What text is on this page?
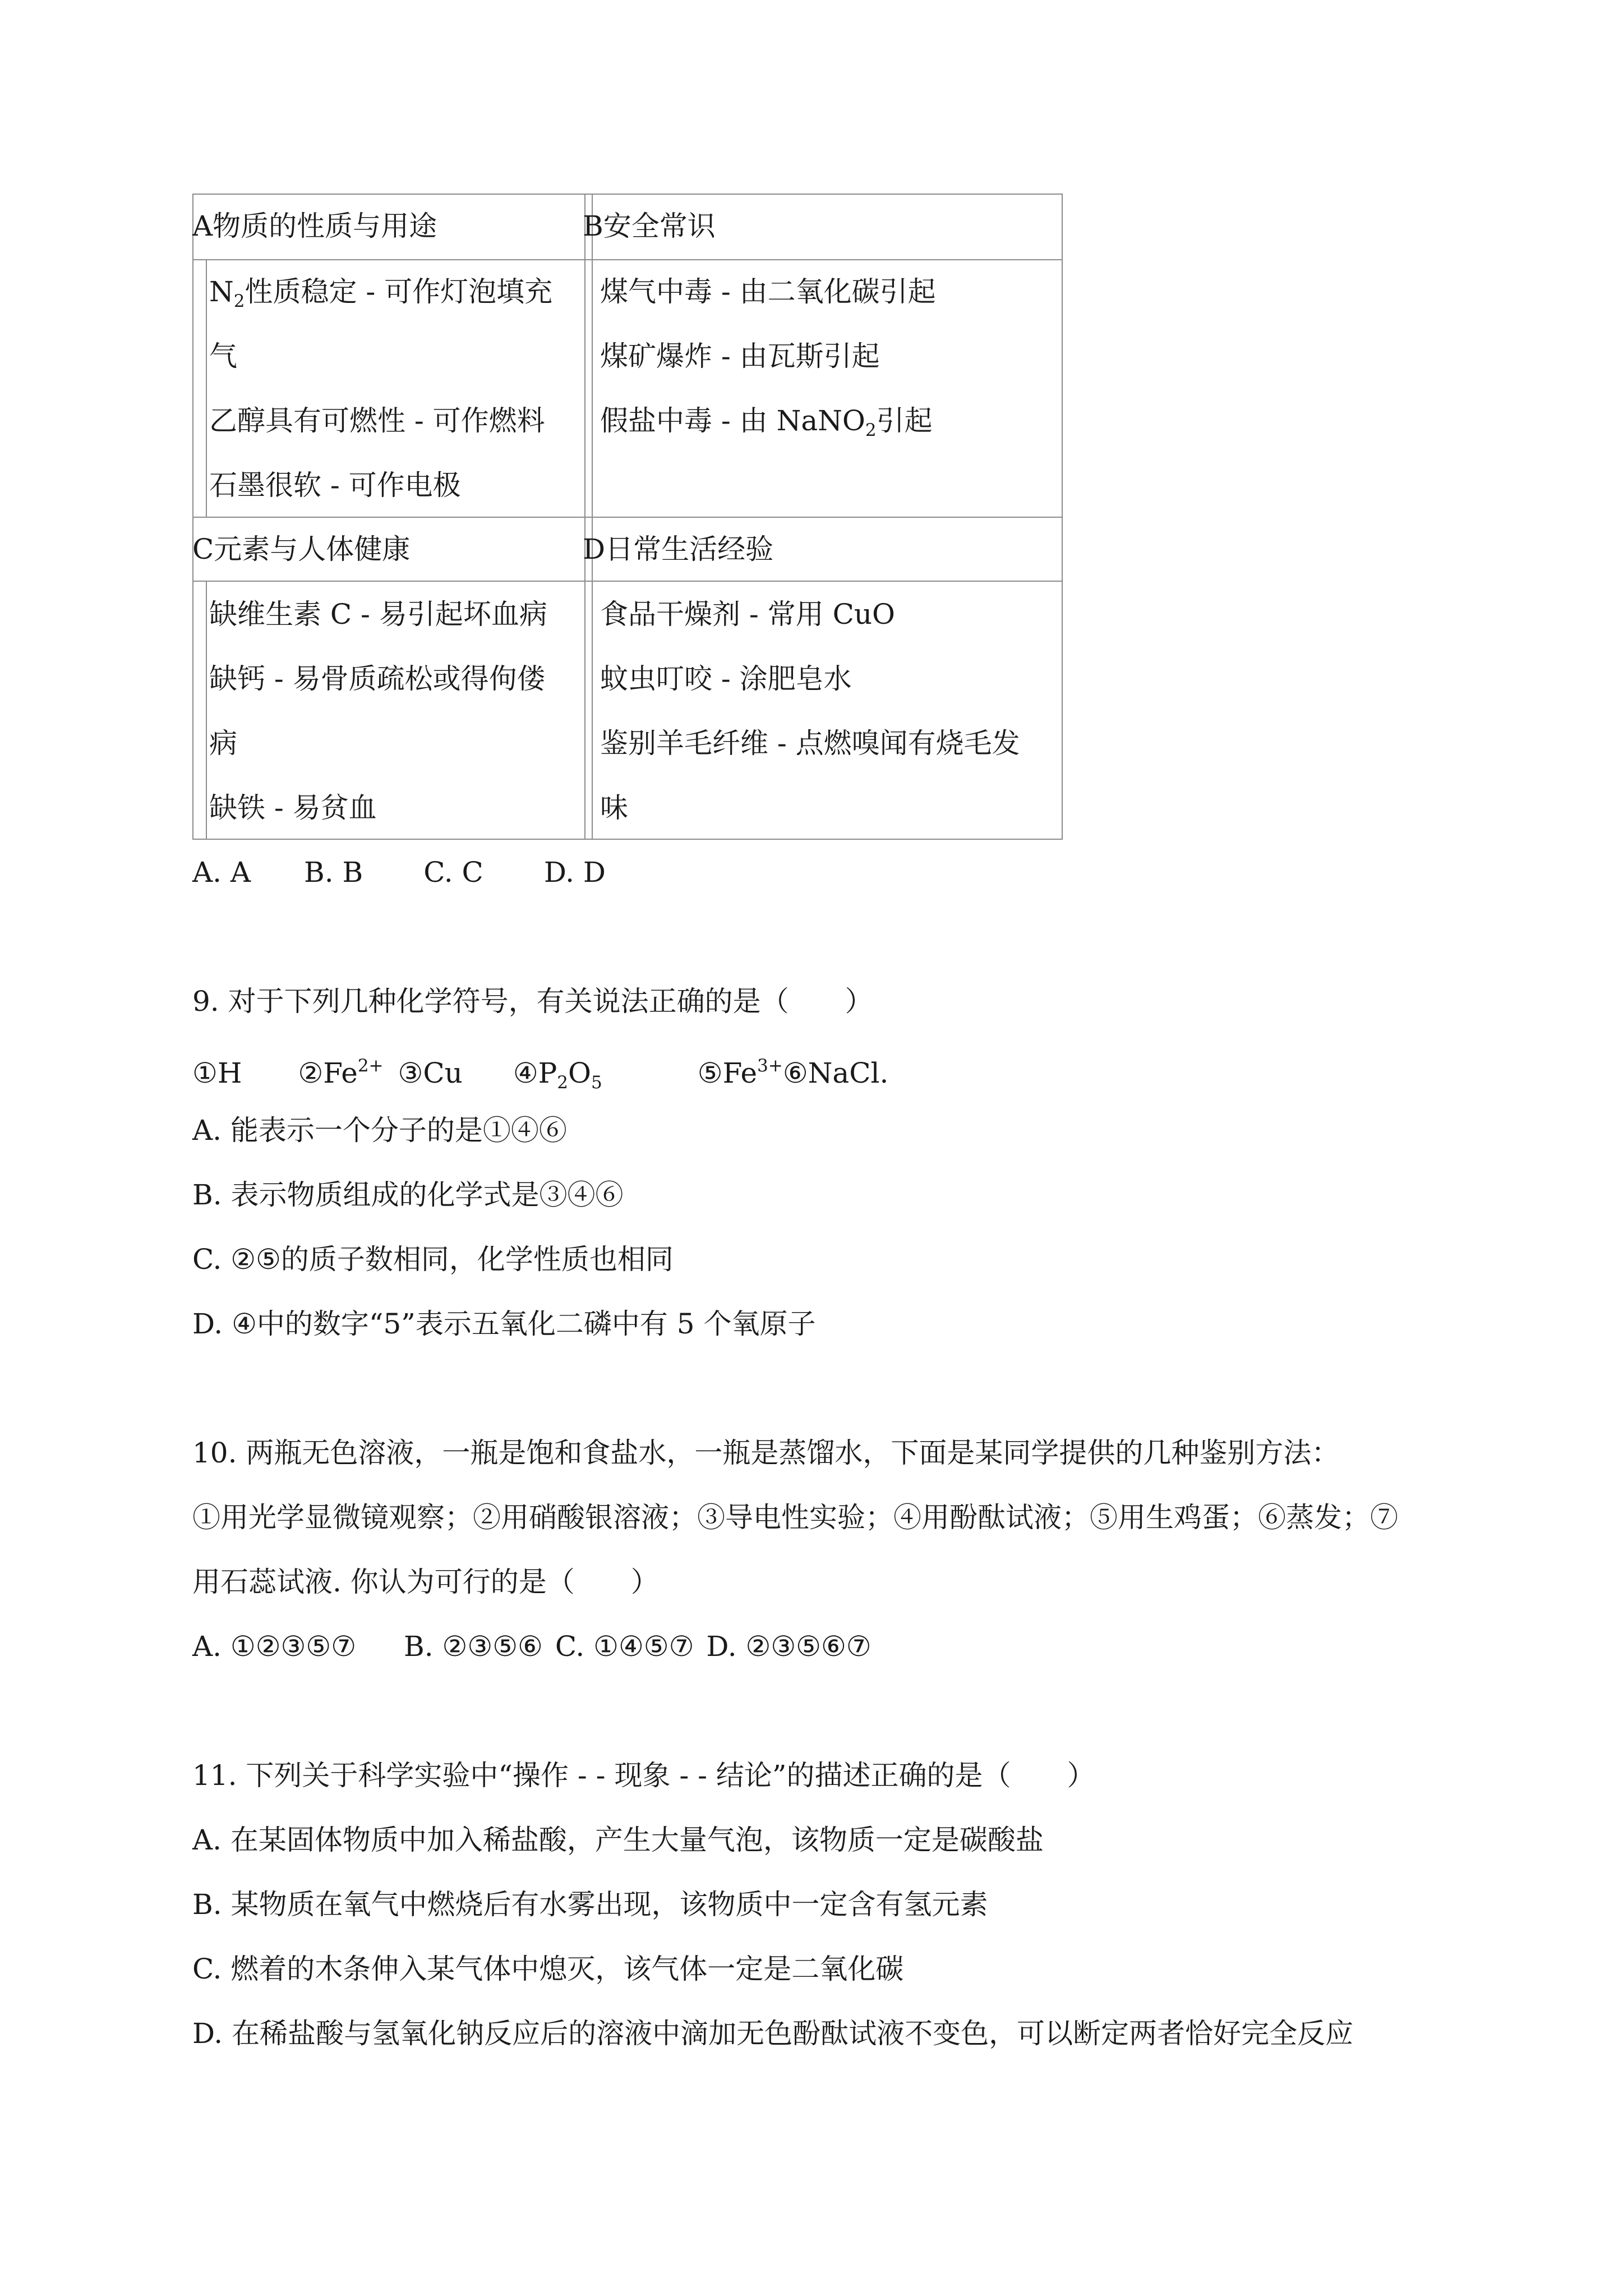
A物质的性质与用途
$N_2$性质稳定 - 可作灯泡填充
气
乙醇具有可燃性 - 可作燃料
石墨很软 - 可作电极
B安全常识
煤气中毒 - 由二氧化碳引起
煤矿爆炸 - 由瓦斯引起
假盐中毒 - 由 NaNO$_2$引起
C元素与人体健康
缺维生素 C - 易引起坏血病
缺钙 - 易骨质疏松或得佝偻
病
缺铁 - 易贫血
D日常生活经验
食品干燥剂 - 常用 CuO
蚊虫叮咬 - 涂肥皂水
鉴别羊毛纤维 - 点燃嗅闻有烧毛发
味
A. A B. B C. C D. D
9. 对于下列几种化学符号，有关说法正确的是（　　）
①H $②Fe^{2+}$ ③Cu $④P_2O_5$	$⑤Fe^{3+}⑥NaCl$.
A. 能表示一个分子的是①④⑥
B. 表示物质组成的化学式是③④⑥
C. ②⑤的质子数相同，化学性质也相同
D. ④中的数字“5”表示五氧化二磷中有 5 个氧原子
10. 两瓶无色溶液，一瓶是饱和食盐水，一瓶是蒸馏水，下面是某同学提供的几种鉴别方法：
①用光学显微镜观察；②用硝酸银溶液；③导电性实验；④用酚酞试液；⑤用生鸡蛋；⑥蒸发；⑦
用石蕊试液. 你认为可行的是（　　）
A. ①②③⑤⑦ B. ②③⑤⑥ C. ①④⑤⑦ D. ②③⑤⑥⑦
11. 下列关于科学实验中“操作 - - 现象 - - 结论”的描述正确的是（　　）
A. 在某固体物质中加入稀盐酸，产生大量气泡，该物质一定是碳酸盐
B. 某物质在氧气中燃烧后有水雾出现，该物质中一定含有氢元素
C. 燃着的木条伸入某气体中熄灭，该气体一定是二氧化碳
D. 在稀盐酸与氢氧化钠反应后的溶液中滴加无色酚酞试液不变色，可以断定两者恰好完全反应
